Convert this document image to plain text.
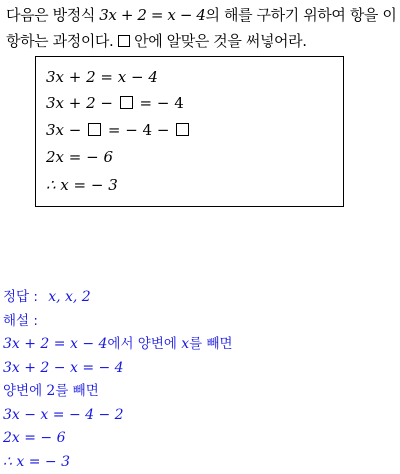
다음은 방정식 3x + 2 = x − 4의 해를 구하기 위하여 항을 이항하는 과정이다.  안에 알맞은 것을 써넣어라.
3x + 2 = x − 4
3x + 2 −  = − 4
3x −  = − 4 −
2x = − 6
∴ x = − 3
정답 : x, x, 2
해설 :
3x + 2 = x − 4에서 양변에 x를 빼면
3x + 2 − x = − 4
양변에 2를 빼면
3x − x = − 4 − 2
2x = − 6
∴ x = − 3
